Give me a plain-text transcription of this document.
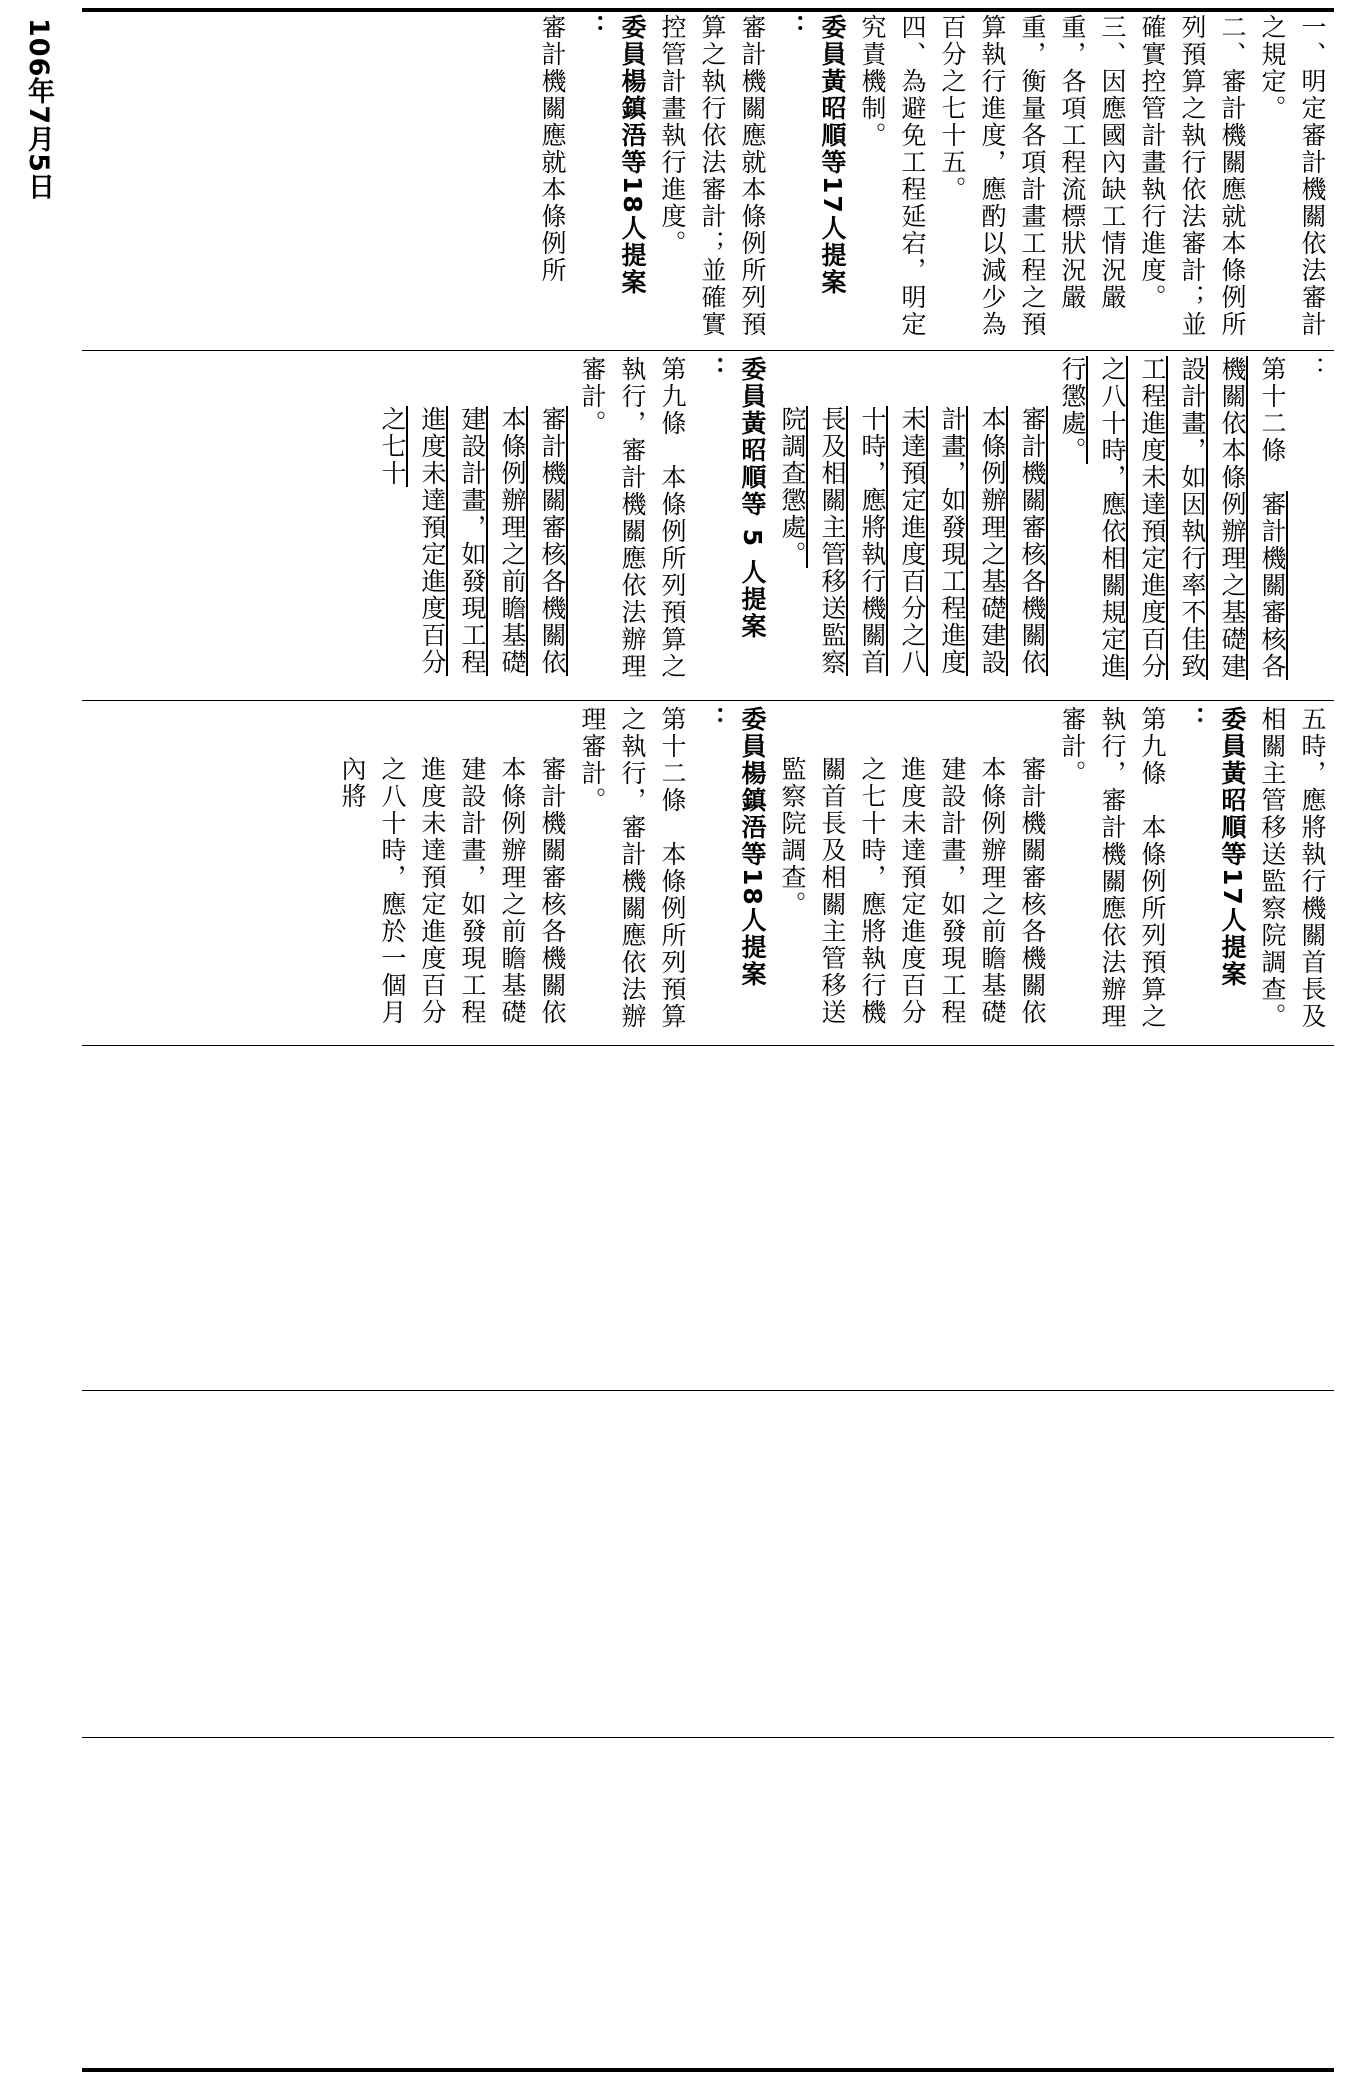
106年7月5日	一、明定審計機關依法審計之規定。
二、審計機關應就本條例所列預算之執行依法審計；並確實控管計畫執行進度。
三、因應國內缺工情況嚴重，各項工程流標狀況嚴重，衡量各項計畫工程之預算執行進度，應酌以減少為百分之七十五。
四、為避免工程延宕，明定究責機制。
委員黃昭順等17人提案
：
審計機關應就本條例所列預算之執行依法審計；並確實控管計畫執行進度。
委員楊鎮浯等18人提案
：
審計機關應就本條例所
：
第十二條　審計機關審核各機關依本條例辦理之基礎建設計畫，如因執行率不佳致工程進度未達預定進度百分之八十時，應依相關規定進行懲處。
審計機關審核各機關依本條例辦理之基礎建設計畫，如發現工程進度未達預定進度百分之八十時，應將執行機關首長及相關主管移送監察院調查懲處。
委員黃昭順等 5 人提案
：
第九條　本條例所列預算之執行，審計機關應依法辦理審計。
審計機關審核各機關依本條例辦理之前瞻基礎建設計畫，如發現工程進度未達預定進度百分之七十
五時，應將執行機關首長及相關主管移送監察院調查。
委員黃昭順等17人提案
：
第九條　本條例所列預算之執行，審計機關應依法辦理審計。
審計機關審核各機關依本條例辦理之前瞻基礎建設計畫，如發現工程進度未達預定進度百分之七十時，應將執行機關首長及相關主管移送監察院調查。
委員楊鎮浯等18人提案
：
第十二條　本條例所列預算之執行，審計機關應依法辦理審計。
審計機關審核各機關依本條例辦理之前瞻基礎建設計畫，如發現工程進度未達預定進度百分之八十時，應於一個月內將
